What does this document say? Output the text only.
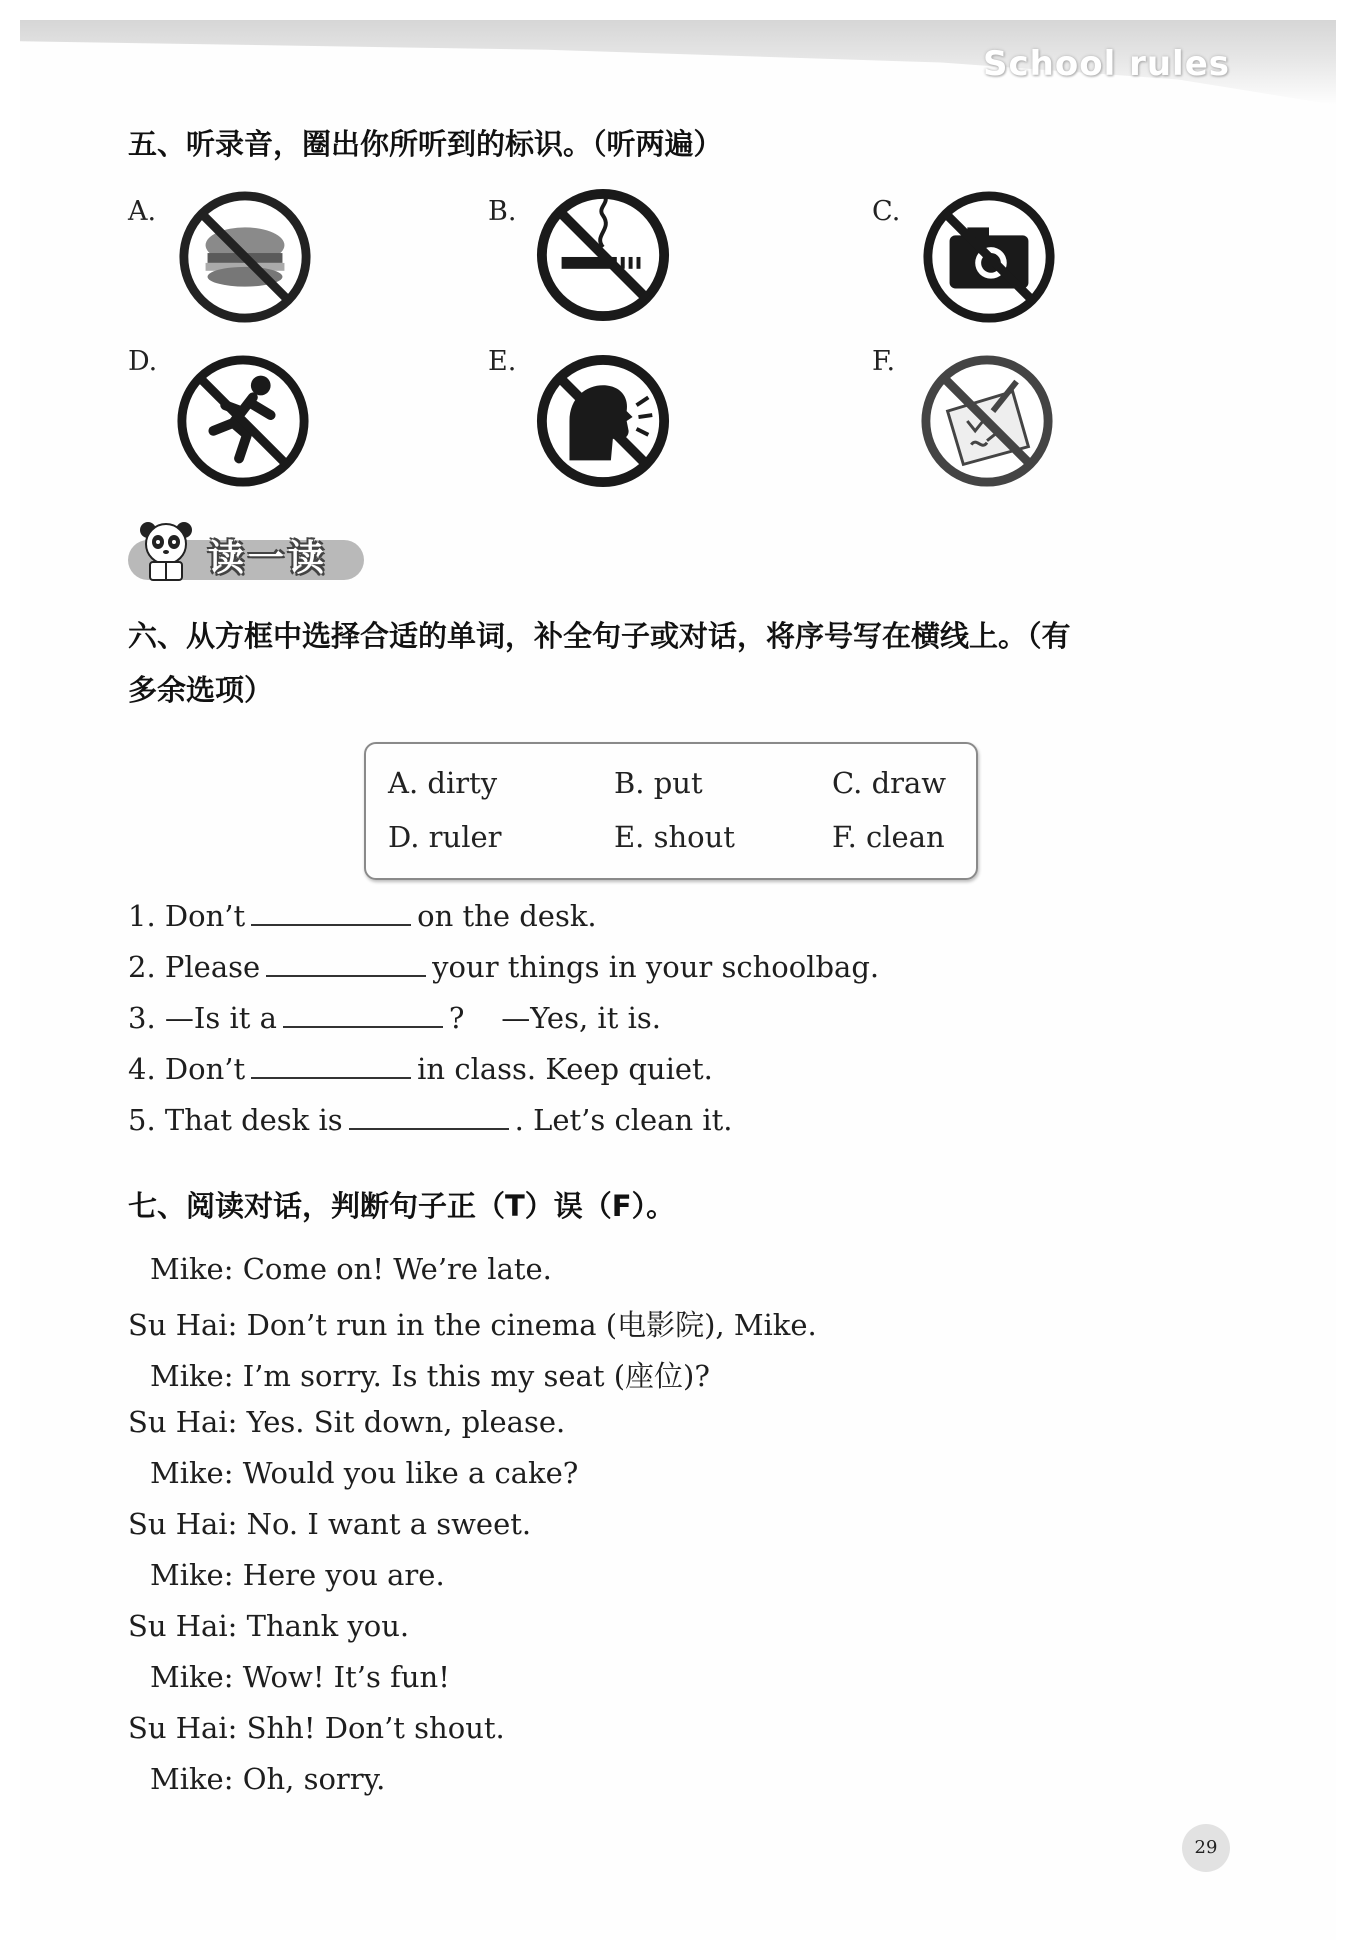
School rules
五、听录音，圈出你所听到的标识。（听两遍）
A.	B.	C.
D.	E.	F.
读一读
六、从方框中选择合适的单词，补全句子或对话，将序号写在横线上。（有
多余选项）
A. dirty	B. put	C. draw
D. ruler	E. shout	F. clean
1. Don’t	on the desk.
2. Please	your things in your schoolbag.
3. —Is it a	?    —Yes, it is.
4. Don’t	in class. Keep quiet.
5. That desk is	. Let’s clean it.
七、阅读对话，判断句子正（T）误（F）。
Mike: Come on! We’re late.
Su Hai: Don’t run in the cinema (电影院), Mike.
Mike: I’m sorry. Is this my seat (座位)?
Su Hai: Yes. Sit down, please.
Mike: Would you like a cake?
Su Hai: No. I want a sweet.
Mike: Here you are.
Su Hai: Thank you.
Mike: Wow! It’s fun!
Su Hai: Shh! Don’t shout.
Mike: Oh, sorry.
29
